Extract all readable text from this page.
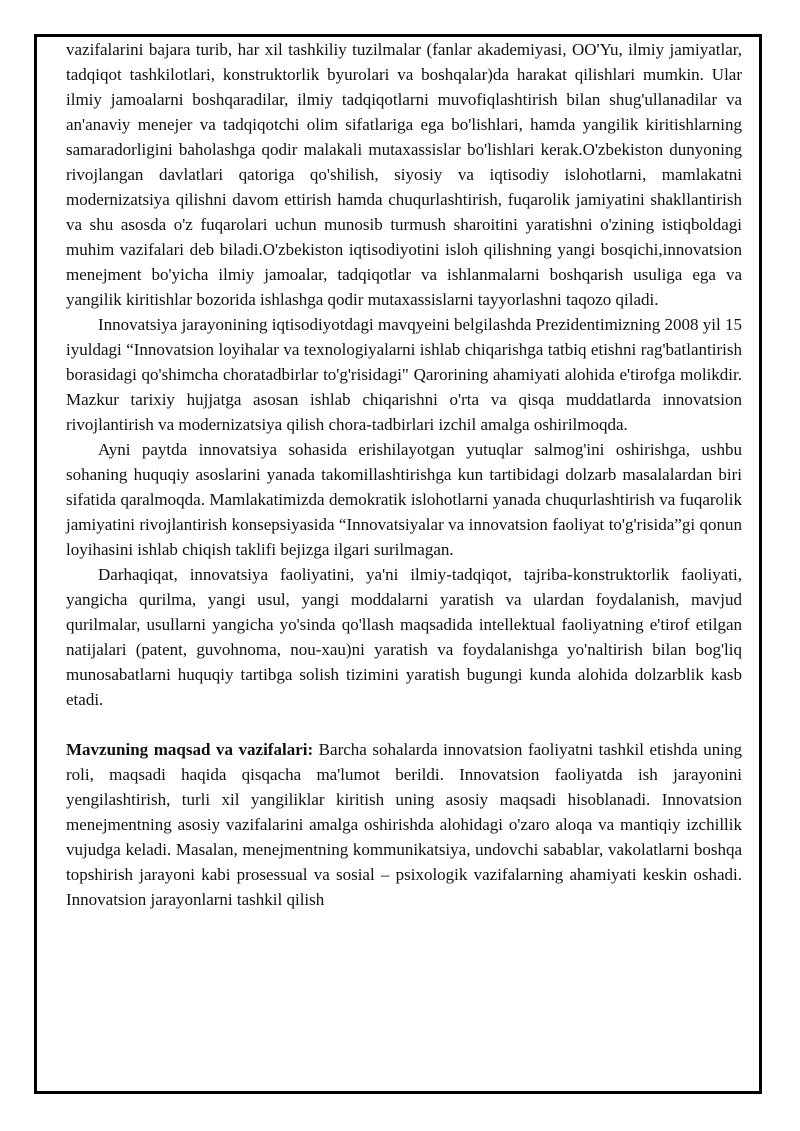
vazifalarini bajara turib, har xil tashkiliy tuzilmalar (fanlar akademiyasi, OO'Yu, ilmiy jamiyatlar, tadqiqot tashkilotlari, konstruktorlik byurolari va boshqalar)da harakat qilishlari mumkin. Ular ilmiy jamoalarni boshqaradilar, ilmiy tadqiqotlarni muvofiqlashtirish bilan shug'ullanadilar va an'anaviy menejer va tadqiqotchi olim sifatlariga ega bo'lishlari, hamda yangilik kiritishlarning samaradorligini baholashga qodir malakali mutaxassislar bo'lishlari kerak.O'zbekiston dunyoning rivojlangan davlatlari qatoriga qo'shilish, siyosiy va iqtisodiy islohotlarni, mamlakatni modernizatsiya qilishni davom ettirish hamda chuqurlashtirish, fuqarolik jamiyatini shakllantirish va shu asosda o'z fuqarolari uchun munosib turmush sharoitini yaratishni o'zining istiqboldagi muhim vazifalari deb biladi.O'zbekiston iqtisodiyotini isloh qilishning yangi bosqichi,innovatsion menejment bo'yicha ilmiy jamoalar, tadqiqotlar va ishlanmalarni boshqarish usuliga ega va yangilik kiritishlar bozorida ishlashga qodir mutaxassislarni tayyorlashni taqozo qiladi.

Innovatsiya jarayonining iqtisodiyotdagi mavqyeini belgilashda Prezidentimizning 2008 yil 15 iyuldagi “Innovatsion loyihalar va texnologiyalarni ishlab chiqarishga tatbiq etishni rag'batlantirish borasidagi qo'shimcha choratadbirlar to'g'risidagi" Qarorining ahamiyati alohida e'tirofga molikdir. Mazkur tarixiy hujjatga asosan ishlab chiqarishni o'rta va qisqa muddatlarda innovatsion rivojlantirish va modernizatsiya qilish chora-tadbirlari izchil amalga oshirilmoqda.

Ayni paytda innovatsiya sohasida erishilayotgan yutuqlar salmog'ini oshirishga, ushbu sohaning huquqiy asoslarini yanada takomillashtirishga kun tartibidagi dolzarb masalalardan biri sifatida qaralmoqda. Mamlakatimizda demokratik islohotlarni yanada chuqurlashtirish va fuqarolik jamiyatini rivojlantirish konsepsiyasida “Innovatsiyalar va innovatsion faoliyat to'g'risida”gi qonun loyihasini ishlab chiqish taklifi bejizga ilgari surilmagan.

Darhaqiqat, innovatsiya faoliyatini, ya'ni ilmiy-tadqiqot, tajriba-konstruktorlik faoliyati, yangicha qurilma, yangi usul, yangi moddalarni yaratish va ulardan foydalanish, mavjud qurilmalar, usullarni yangicha yo'sinda qo'llash maqsadida intellektual faoliyatning e'tirof etilgan natijalari (patent, guvohnoma, nou-xau)ni yaratish va foydalanishga yo'naltirish bilan bog'liq munosabatlarni huquqiy tartibga solish tizimini yaratish bugungi kunda alohida dolzarblik kasb etadi.

Mavzuning maqsad va vazifalari: Barcha sohalarda innovatsion faoliyatni tashkil etishda uning roli, maqsadi haqida qisqacha ma'lumot berildi. Innovatsion faoliyatda ish jarayonini yengilashtirish, turli xil yangiliklar kiritish uning asosiy maqsadi hisoblanadi. Innovatsion menejmentning asosiy vazifalarini amalga oshirishda alohidagi o'zaro aloqa va mantiqiy izchillik vujudga keladi. Masalan, menejmentning kommunikatsiya, undovchi sabablar, vakolatlarni boshqa topshirish jarayoni kabi prosessual va sosial – psixologik vazifalarning ahamiyati keskin oshadi. Innovatsion jarayonlarni tashkil qilish
